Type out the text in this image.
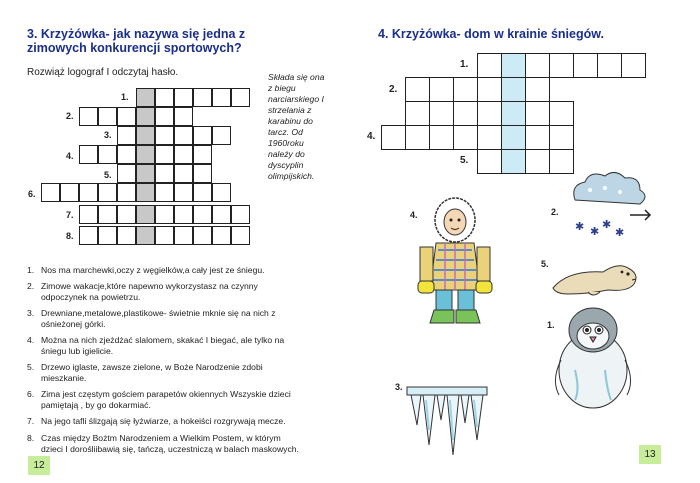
3. Krzyżówka- jak nazywa się jedna z
zimowych konkurencji sportowych?
Rozwiąż logograf I odczytaj hasło.
1.
2.
3.
4.
5.
6.
7.
8.
Składa się ona
z biegu
narciarskiego I
strzelania z
karabinu do
tarcz. Od
1960roku
należy do
dyscyplin
olimpijskich.
1. Nos ma marchewki,oczy z węgielków,a cały jest ze śniegu.
2. Zimowe wakacje,które napewno wykorzystasz na czynny
odpoczynek na powietrzu.
3. Drewniane,metalowe,plastikowe- świetnie mknie się na nich z
ośnieżonej górki.
4. Można na nich zjeżdżać slalomem, skakać I biegać, ale tylko na
śniegu lub igielicie.
5. Drzewo iglaste, zawsze zielone, w Boże Narodzenie zdobi
mieszkanie.
6. Zima jest częstym gościem parapetów okiennych Wszyskie dzieci
pamiętają , by go dokarmiać.
7. Na jego tafli ślizgają się łyżwiarze, a hokeiści rozgrywają mecze.
8. Czas między Bożtm Narodzeniem a Wielkim Postem, w którym
dzieci I dorośliibawią się, tańczą, uczestniczą w balach maskowych.
12
4. Krzyżówka- dom w krainie śniegów.
1.
2.
4.
5.
4.	2.
5.
1.
3.
✱ ✱
✱
✱
13
